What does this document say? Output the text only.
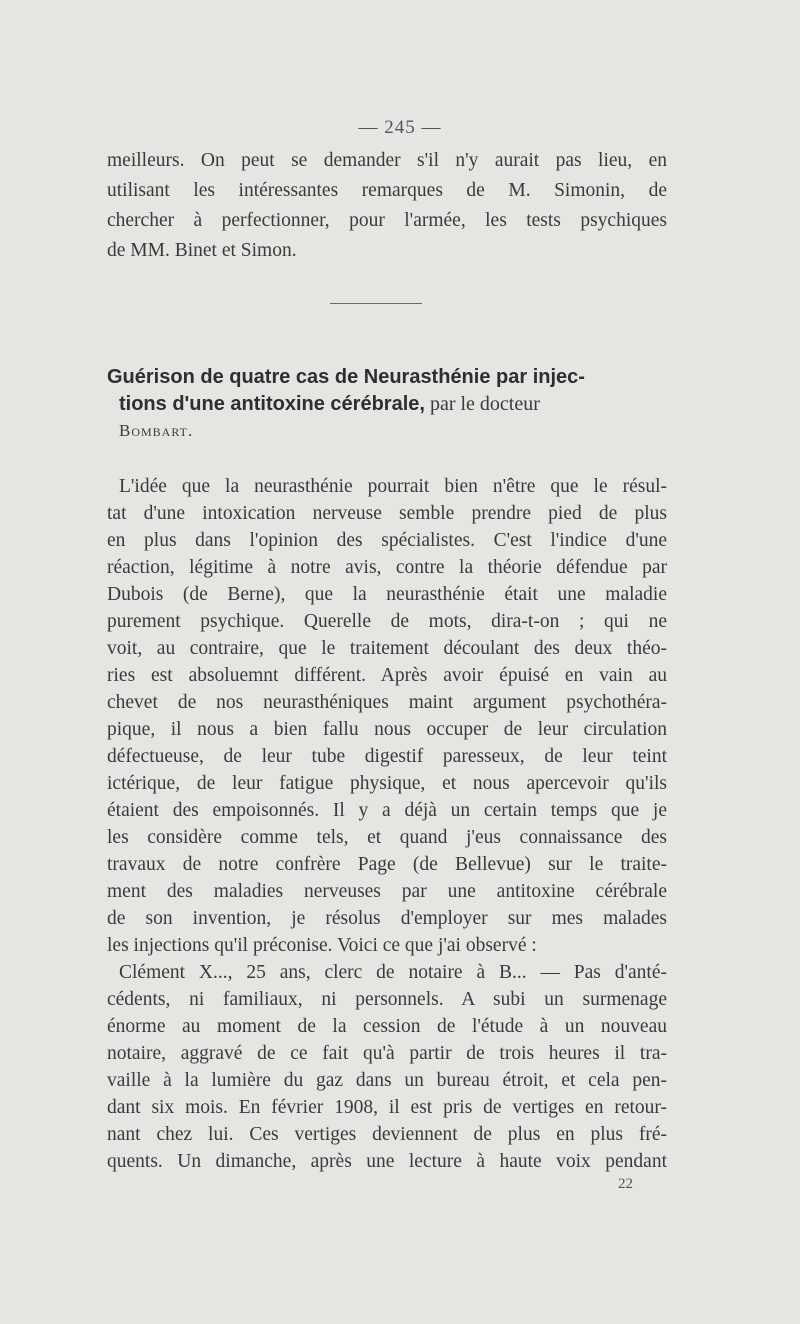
— 245 —
meilleurs. On peut se demander s'il n'y aurait pas lieu, en
utilisant les intéressantes remarques de M. Simonin, de
chercher à perfectionner, pour l'armée, les tests psychiques
de MM. Binet et Simon.
Guérison de quatre cas de Neurasthénie par injec-
tions d'une antitoxine cérébrale, par le docteur
Bombart.
L'idée que la neurasthénie pourrait bien n'être que le résul-
tat d'une intoxication nerveuse semble prendre pied de plus
en plus dans l'opinion des spécialistes. C'est l'indice d'une
réaction, légitime à notre avis, contre la théorie défendue par
Dubois (de Berne), que la neurasthénie était une maladie
purement psychique. Querelle de mots, dira-t-on ; qui ne
voit, au contraire, que le traitement découlant des deux théo-
ries est absoluemnt différent. Après avoir épuisé en vain au
chevet de nos neurasthéniques maint argument psychothéra-
pique, il nous a bien fallu nous occuper de leur circulation
défectueuse, de leur tube digestif paresseux, de leur teint
ictérique, de leur fatigue physique, et nous apercevoir qu'ils
étaient des empoisonnés. Il y a déjà un certain temps que je
les considère comme tels, et quand j'eus connaissance des
travaux de notre confrère Page (de Bellevue) sur le traite-
ment des maladies nerveuses par une antitoxine cérébrale
de son invention, je résolus d'employer sur mes malades
les injections qu'il préconise. Voici ce que j'ai observé :
Clément X..., 25 ans, clerc de notaire à B... — Pas d'anté-
cédents, ni familiaux, ni personnels. A subi un surmenage
énorme au moment de la cession de l'étude à un nouveau
notaire, aggravé de ce fait qu'à partir de trois heures il tra-
vaille à la lumière du gaz dans un bureau étroit, et cela pen-
dant six mois. En février 1908, il est pris de vertiges en retour-
nant chez lui. Ces vertiges deviennent de plus en plus fré-
quents. Un dimanche, après une lecture à haute voix pendant
22
